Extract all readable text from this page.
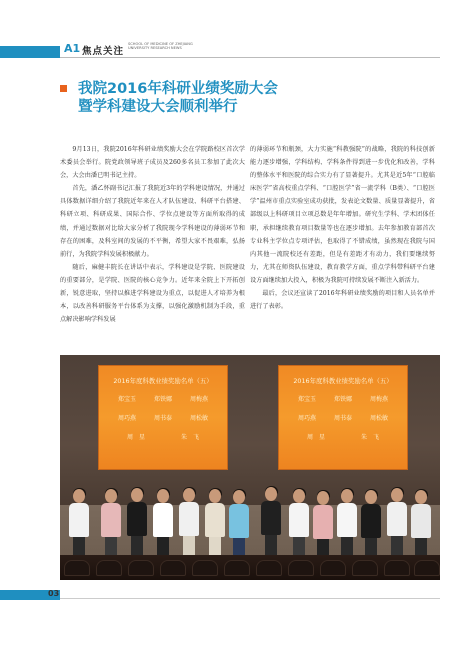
A1 焦点关注
SCHOOL OF MEDICINE OF ZHEJIANG UNIVERSITY RESEARCH NEWS
我院2016年科研业绩奖励大会
暨学科建设大会顺利举行

9月13日，我院2016年科研业绩奖励大会在学院路校区首次学术委员会举行。院党政领导班子成员及260多名员工参加了此次大会，大会由潘已明书记主持。

首先，潘乙怀副书记汇报了我院近3年的学科建设情况，并通过具体数据详细介绍了我院近年来在人才队伍建设、科研平台搭建、科研立项、科研成果、国际合作、学位点建设等方面所取得的成绩，并通过数据对比给大家分析了我院现今学科建设的薄弱环节和存在的困难，及科室间的发展的不平衡，希望大家不畏艰难，弘扬前行，为我院学科发展积极献力。

随后，麻健丰院长在讲话中表示，学科建设是学院、医院建设的重要部分，是学院、医院的核心竞争力。近年来全院上下开拓创新，锐意进取，坚持以推进学科建设为重点，以促进人才培养为根本，以改善科研服务平台体系为支撑，以强化激励机制为手段，重点解决影响学科发展

的薄弱环节和瓶颈，大力实施“科教强院”的战略，我院的科技创新能力逐步增强，学科结构、学科条件得到进一步优化和改善，学科的整体水平和医院的综合实力有了显著提升。尤其是近5年“口腔临床医学”省高校重点学科、“口腔医学”省一流学科（B类）、“口腔医学”温州市重点实验室成功获批，发表论文数量、质量显著提升，省部级以上科研项目立项总数是年年增加。研究生学科、学术团体任职，承担继续教育项目数量等也在逐步增加。去年参加教育部首次专业科主学位点专项评估，也取得了不错成绩，虽然现在我院与国内其他一流院校还有差距，但是有差距才有动力，我们要继续努力，尤其在师资队伍建设，教育教学方面，重点学科带科研平台建设方面继续加大投入，积极为我院可持续发展不断注入新活力。

最后，会议还宣读了2016年科研业绩奖励的项目和人员名单并进行了表彰。

2016年度科教业绩奖励名单（五）
郑宝玉	郑铁娜	周梅燕
周巧燕	周书泰	周松敏
周　星	朱　飞
2016年度科教业绩奖励名单（五）
郑宝玉	郑铁娜	周梅燕
周巧燕	周书泰	周松敏
周　星	朱　飞
03
